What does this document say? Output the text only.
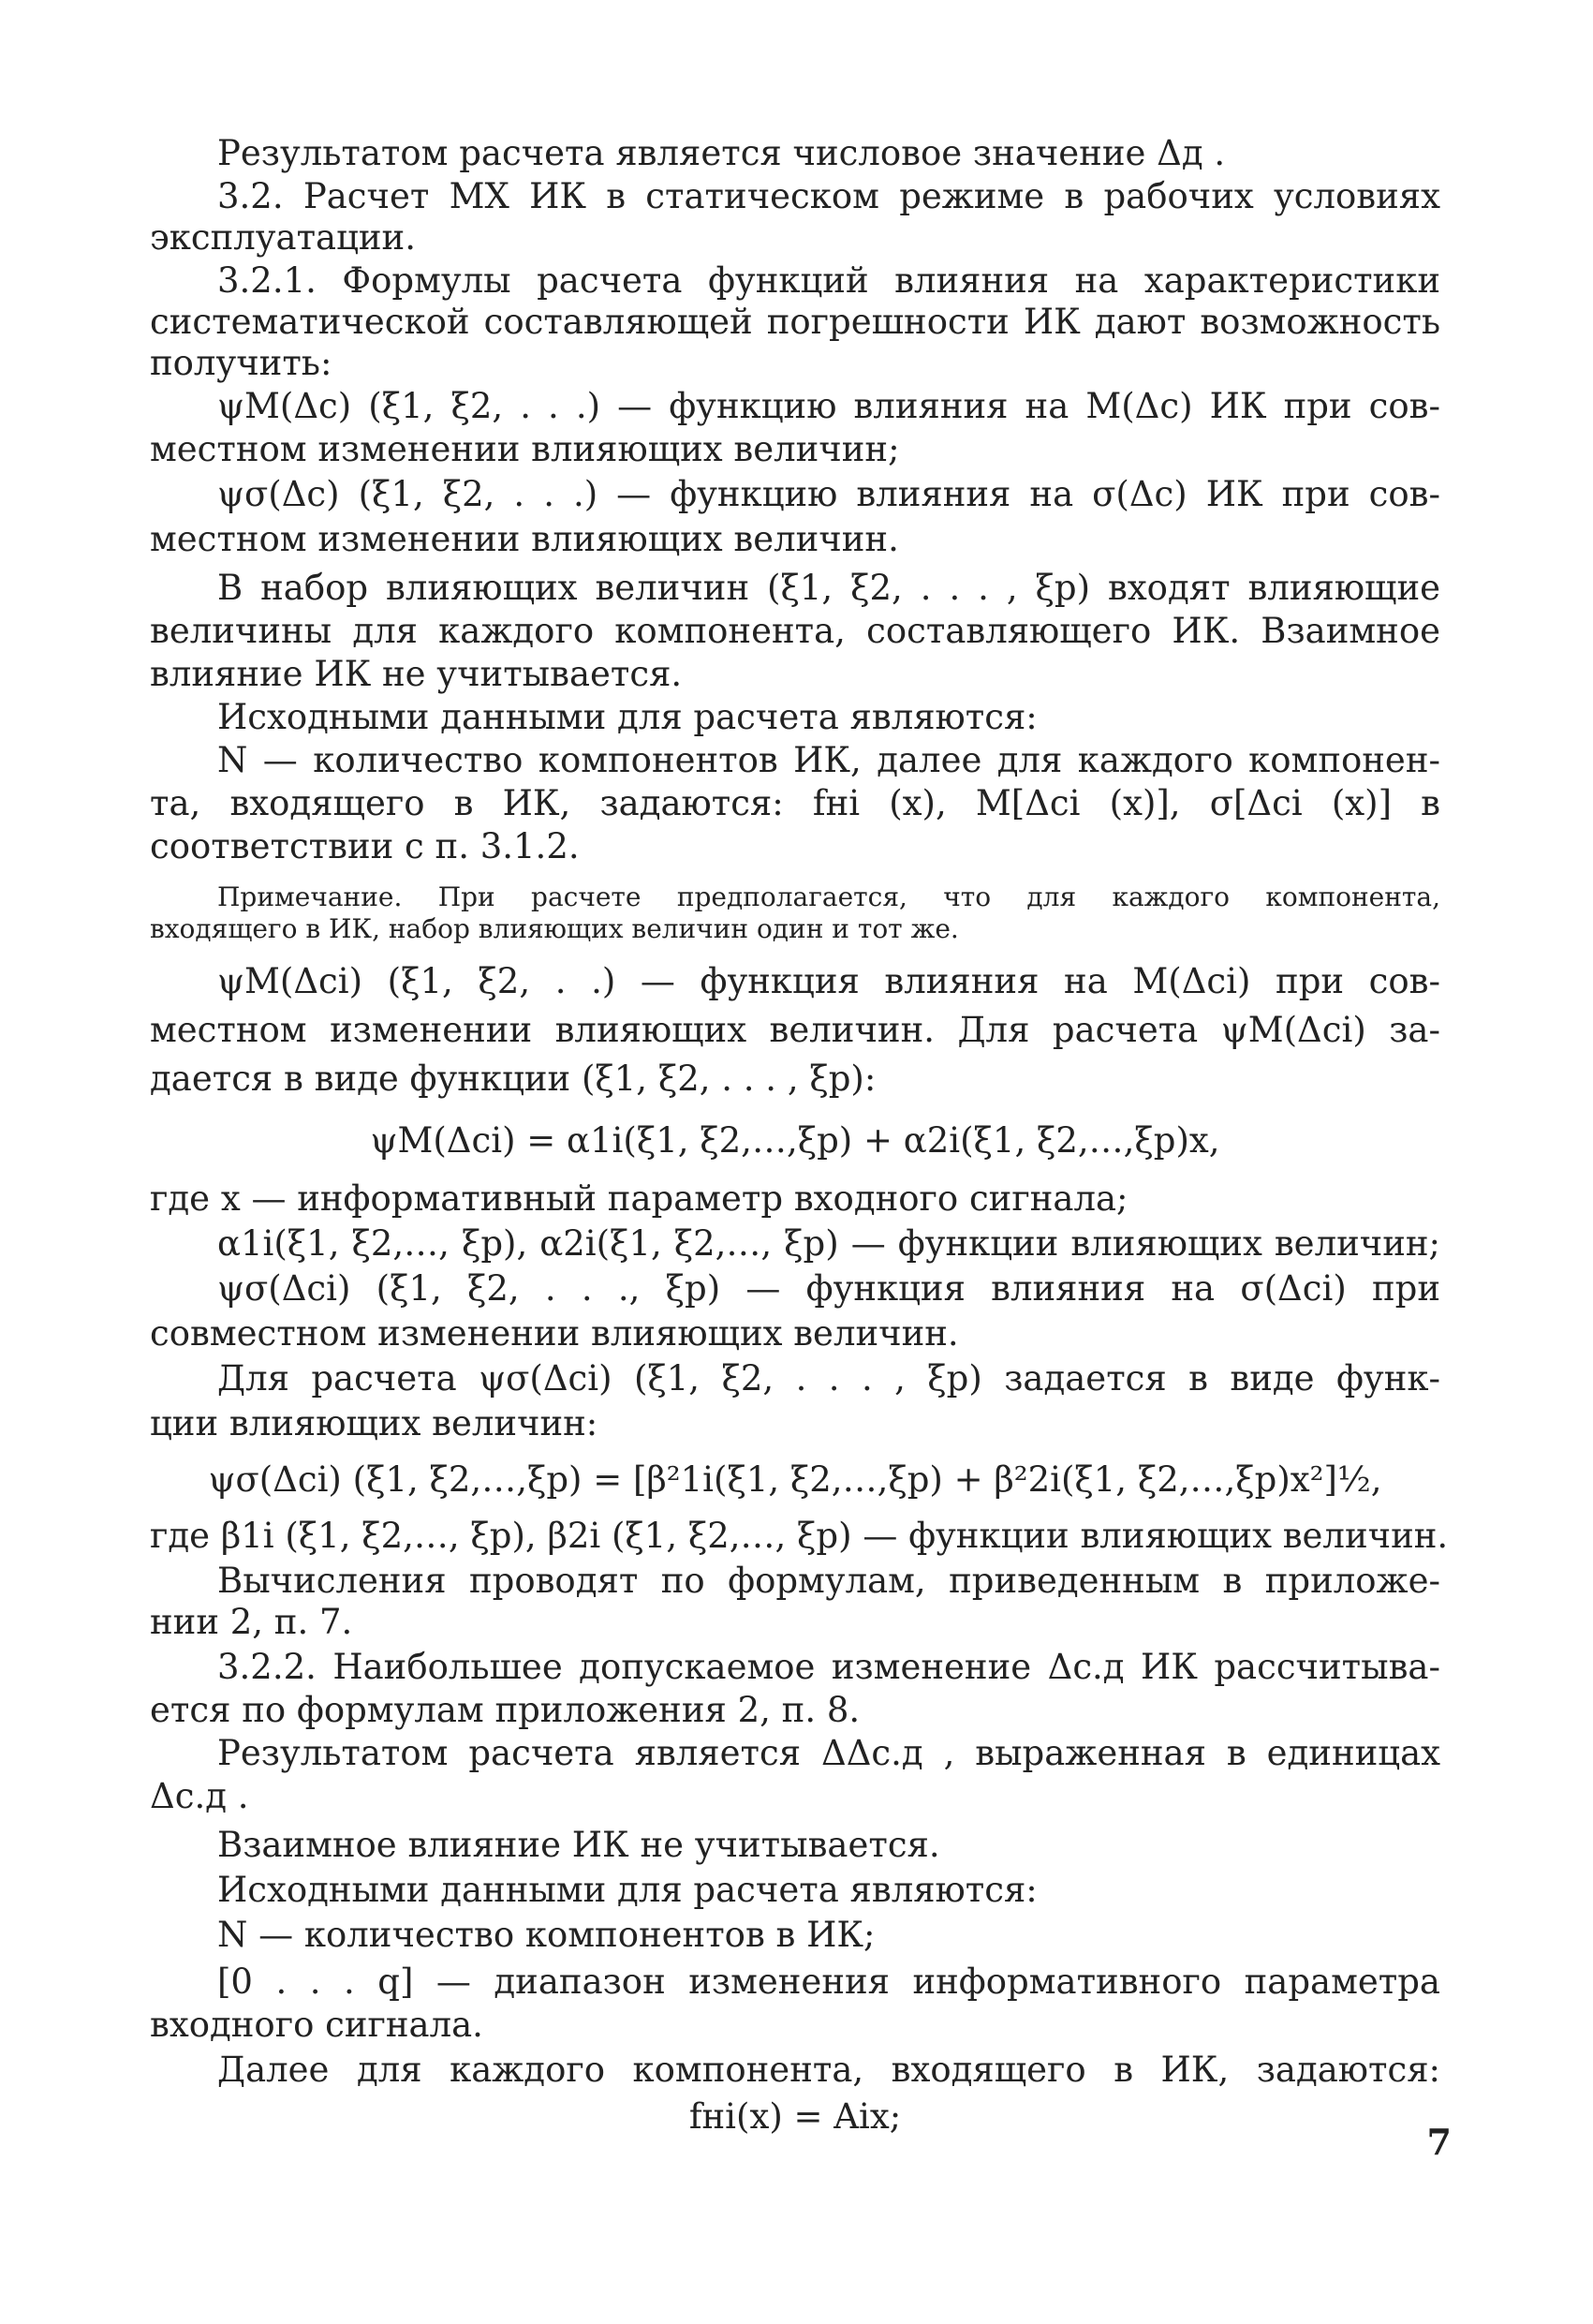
Результатом расчета является числовое значение Δд .
3.2. Расчет MX ИК в статическом режиме в рабочих условиях
эксплуатации.
3.2.1. Формулы расчета функций влияния на характеристики
систематической составляющей погрешности ИК дают возможность
получить:
ψM(Δc) (ξ1, ξ2, . . .) — функцию влияния на M(Δc) ИК при сов-
местном изменении влияющих величин;
ψσ(Δc) (ξ1, ξ2, . . .) — функцию влияния на σ(Δc) ИК при сов-
местном изменении влияющих величин.
В набор влияющих величин (ξ1, ξ2, . . . , ξp) входят влияющие
величины для каждого компонента, составляющего ИК. Взаимное
влияние ИК не учитывается.
Исходными данными для расчета являются:
N — количество компонентов ИК, далее для каждого компонен-
та, входящего в ИК, задаются: fнi (x), M[Δci (x)], σ[Δci (x)] в
соответствии с п. 3.1.2.
Примечание. При расчете предполагается, что для каждого компонента,
входящего в ИК, набор влияющих величин один и тот же.
ψM(Δci) (ξ1, ξ2, . .) — функция влияния на M(Δci) при сов-
местном изменении влияющих величин. Для расчета ψM(Δci) за-
дается в виде функции (ξ1, ξ2, . . . , ξp):
ψM(Δci) = α1i(ξ1, ξ2,…,ξp) + α2i(ξ1, ξ2,…,ξp)x,
где x — информативный параметр входного сигнала;
α1i(ξ1, ξ2,…, ξp), α2i(ξ1, ξ2,…, ξp) — функции влияющих величин;
ψσ(Δci) (ξ1, ξ2, . . ., ξp) — функция влияния на σ(Δci) при
совместном изменении влияющих величин.
Для расчета ψσ(Δci) (ξ1, ξ2, . . . , ξp) задается в виде функ-
ции влияющих величин:
ψσ(Δci) (ξ1, ξ2,…,ξp) = [β²1i(ξ1, ξ2,…,ξp) + β²2i(ξ1, ξ2,…,ξp)x²]½,
где β1i (ξ1, ξ2,…, ξp), β2i (ξ1, ξ2,…, ξp) — функции влияющих величин.
Вычисления проводят по формулам, приведенным в приложе-
нии 2, п. 7.
3.2.2. Наибольшее допускаемое изменение Δс.д ИК рассчитыва-
ется по формулам приложения 2, п. 8.
Результатом расчета является ΔΔс.д , выраженная в единицах
Δс.д .
Взаимное влияние ИК не учитывается.
Исходными данными для расчета являются:
N — количество компонентов в ИК;
[0 . . . q] — диапазон изменения информативного параметра
входного сигнала.
Далее для каждого компонента, входящего в ИК, задаются:
fнi(x) = Aix;
7
